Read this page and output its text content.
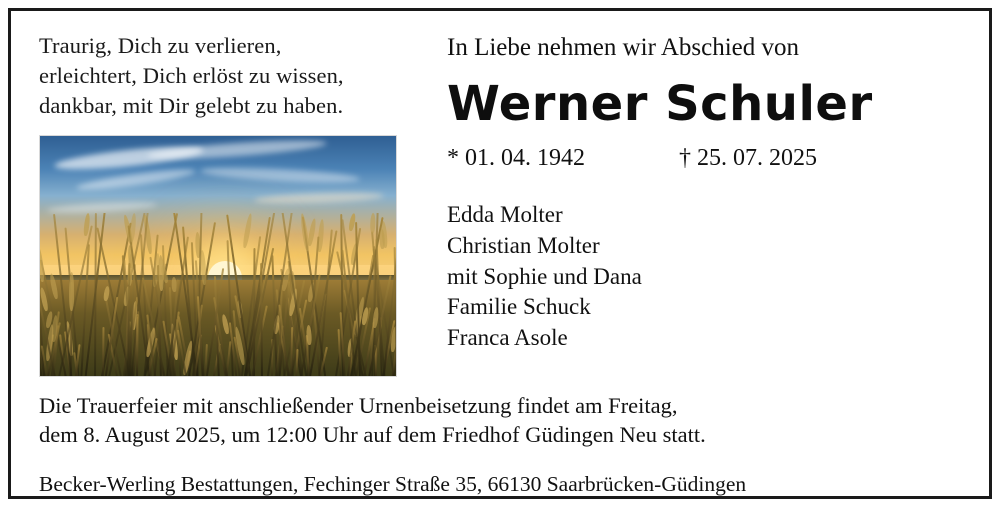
Traurig, Dich zu verlieren,
erleichtert, Dich erlöst zu wissen,
dankbar, mit Dir gelebt zu haben.

In Liebe nehmen wir Abschied von

Werner Schuler
* 01. 04. 1942	† 25. 07. 2025
Edda Molter
Christian Molter
mit Sophie und Dana
Familie Schuck
Franca Asole

Die Trauerfeier mit anschließender Urnenbeisetzung findet am Freitag,
dem 8. August 2025, um 12:00 Uhr auf dem Friedhof Güdingen Neu statt.

Becker-Werling Bestattungen, Fechinger Straße 35, 66130 Saarbrücken-Güdingen
